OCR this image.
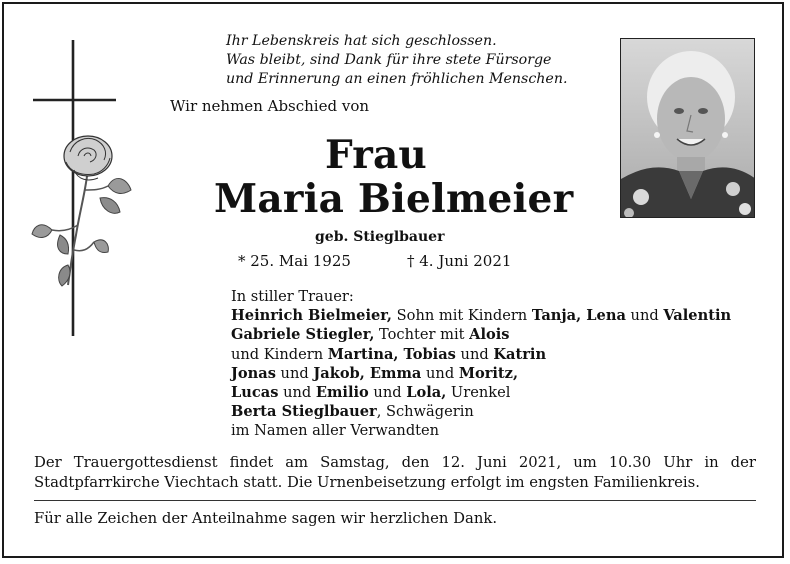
Ihr Lebenskreis hat sich geschlossen.
Was bleibt, sind Dank für ihre stete Fürsorge
und Erinnerung an einen fröhlichen Menschen.
Wir nehmen Abschied von
Frau
Maria Bielmeier
geb. Stieglbauer
* 25. Mai 1925	† 4. Juni 2021
In stiller Trauer:
Heinrich Bielmeier, Sohn mit Kindern Tanja, Lena und Valentin
Gabriele Stiegler, Tochter mit Alois
und Kindern Martina, Tobias und Katrin
Jonas und Jakob, Emma und Moritz,
Lucas und Emilio und Lola, Urenkel
Berta Stieglbauer, Schwägerin
im Namen aller Verwandten
Der Trauergottesdienst findet am Samstag, den 12. Juni 2021, um 10.30 Uhr in der Stadtpfarrkirche Viechtach statt. Die Urnenbeisetzung erfolgt im engsten Familienkreis.
Für alle Zeichen der Anteilnahme sagen wir herzlichen Dank.
